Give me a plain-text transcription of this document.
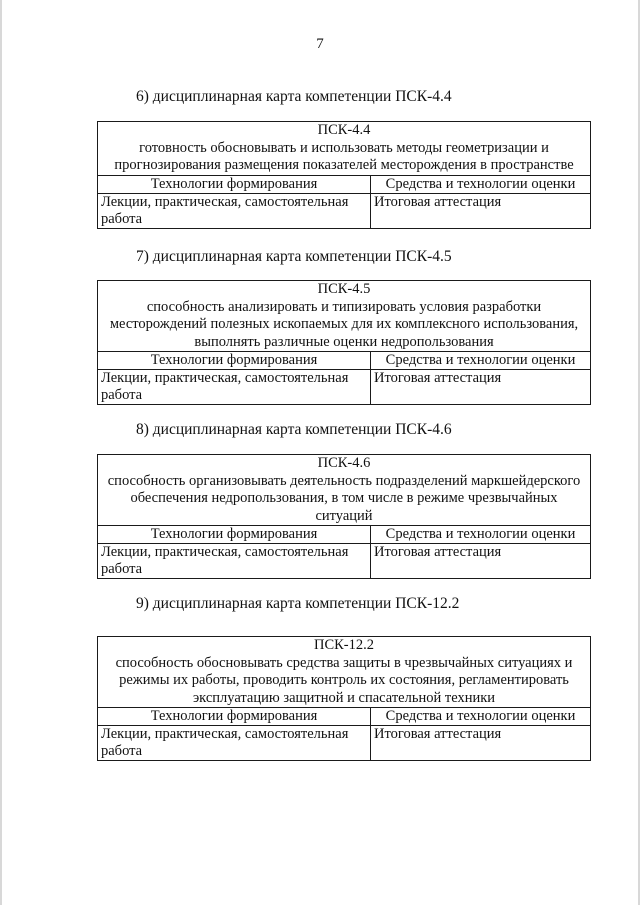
7
6) дисциплинарная карта компетенции ПСК-4.4
ПСК-4.4
готовность обосновывать и использовать методы геометризации и прогнозирования размещения показателей месторождения в пространстве	

Технологии формирования	Средства и технологии оценки
Лекции, практическая, самостоятельная работа	Итоговая аттестация
7) дисциплинарная карта компетенции ПСК-4.5
ПСК-4.5
способность анализировать и типизировать условия разработки месторождений полезных ископаемых для их комплексного использования, выполнять различные оценки недропользования	

Технологии формирования	Средства и технологии оценки
Лекции, практическая, самостоятельная работа	Итоговая аттестация
8) дисциплинарная карта компетенции ПСК-4.6
ПСК-4.6
способность организовывать деятельность подразделений маркшейдерского обеспечения недропользования, в том числе в режиме чрезвычайных ситуаций	

Технологии формирования	Средства и технологии оценки
Лекции, практическая, самостоятельная работа	Итоговая аттестация
9) дисциплинарная карта компетенции ПСК-12.2
ПСК-12.2
способность обосновывать средства защиты в чрезвычайных ситуациях и режимы их работы, проводить контроль их состояния, регламентировать эксплуатацию защитной и спасательной техники	

Технологии формирования	Средства и технологии оценки
Лекции, практическая, самостоятельная работа	Итоговая аттестация
